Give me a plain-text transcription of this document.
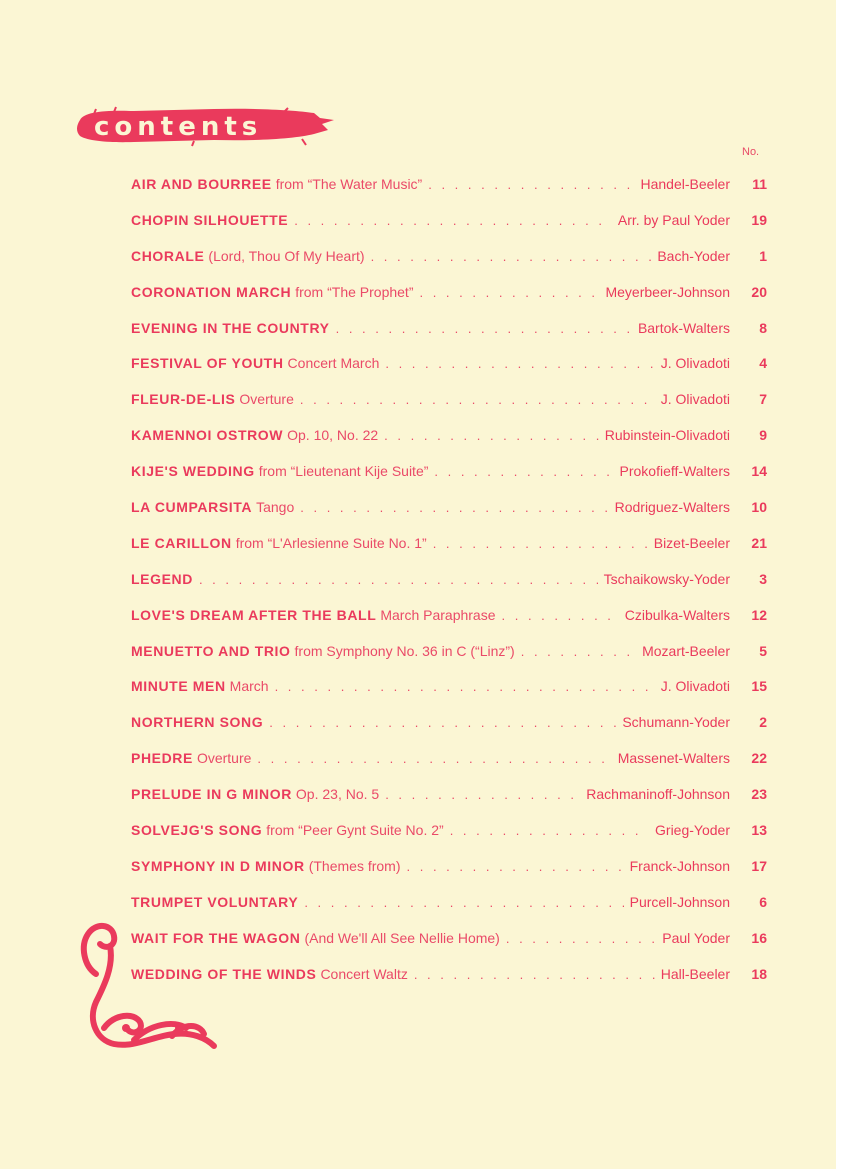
contents
No.
AIR AND BOURREE from “The Water Music” . . .	Handel-Beeler	11
CHOPIN SILHOUETTE . . .	Arr. by Paul Yoder	19
CHORALE (Lord, Thou Of My Heart) . . .	Bach-Yoder	1
CORONATION MARCH from “The Prophet” . . .	Meyerbeer-Johnson	20
EVENING IN THE COUNTRY . . .	Bartok-Walters	8
FESTIVAL OF YOUTH Concert March . . .	J. Olivadoti	4
FLEUR-DE-LIS Overture . . .	J. Olivadoti	7
KAMENNOI OSTROW Op. 10, No. 22 . . .	Rubinstein-Olivadoti	9
KIJE'S WEDDING from “Lieutenant Kije Suite” . . .	Prokofieff-Walters	14
LA CUMPARSITA Tango . . .	Rodriguez-Walters	10
LE CARILLON from “L'Arlesienne Suite No. 1” . . .	Bizet-Beeler	21
LEGEND . . .	Tschaikowsky-Yoder	3
LOVE'S DREAM AFTER THE BALL March Paraphrase . . .	Czibulka-Walters	12
MENUETTO AND TRIO from Symphony No. 36 in C (“Linz”) . . .	Mozart-Beeler	5
MINUTE MEN March . . .	J. Olivadoti	15
NORTHERN SONG . . .	Schumann-Yoder	2
PHEDRE Overture . . .	Massenet-Walters	22
PRELUDE IN G MINOR Op. 23, No. 5 . . .	Rachmaninoff-Johnson	23
SOLVEJG'S SONG from “Peer Gynt Suite No. 2” . . .	Grieg-Yoder	13
SYMPHONY IN D MINOR (Themes from) . . .	Franck-Johnson	17
TRUMPET VOLUNTARY . . .	Purcell-Johnson	6
WAIT FOR THE WAGON (And We'll All See Nellie Home) . . .	Paul Yoder	16
WEDDING OF THE WINDS Concert Waltz . . .	Hall-Beeler	18
